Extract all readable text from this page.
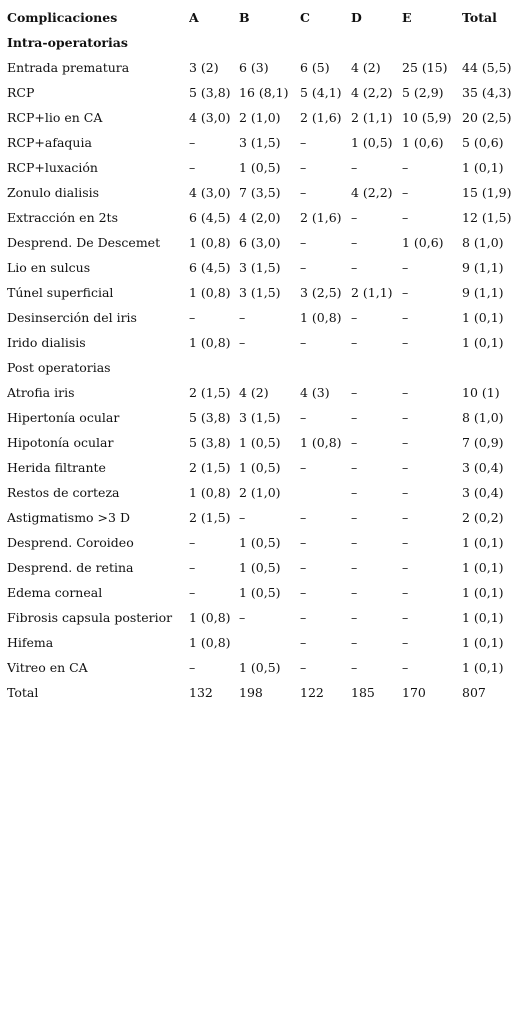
Complicaciones	A	B	C	D	E	Total
Intra-operatorias						
Entrada prematura	3 (2)	6 (3)	6 (5)	4 (2)	25 (15)	44 (5,5)
RCP	5 (3,8)	16 (8,1)	5 (4,1)	4 (2,2)	5 (2,9)	35 (4,3)
RCP+lio en CA	4 (3,0)	2 (1,0)	2 (1,6)	2 (1,1)	10 (5,9)	20 (2,5)
RCP+afaquia	–	3 (1,5)	–	1 (0,5)	1 (0,6)	5 (0,6)
RCP+luxación	–	1 (0,5)	–	–	–	1 (0,1)
Zonulo dialisis	4 (3,0)	7 (3,5)	–	4 (2,2)	–	15 (1,9)
Extracción en 2ts	6 (4,5)	4 (2,0)	2 (1,6)	–	–	12 (1,5)
Desprend. De Descemet	1 (0,8)	6 (3,0)	–	–	1 (0,6)	8 (1,0)
Lio en sulcus	6 (4,5)	3 (1,5)	–	–	–	9 (1,1)
Túnel superficial	1 (0,8)	3 (1,5)	3 (2,5)	2 (1,1)	–	9 (1,1)
Desinserción del iris	–	–	1 (0,8)	–	–	1 (0,1)
Irido dialisis	1 (0,8)	–	–	–	–	1 (0,1)
Post operatorias						
Atrofia iris	2 (1,5)	4 (2)	4 (3)	–	–	10 (1)
Hipertonía ocular	5 (3,8)	3 (1,5)	–	–	–	8 (1,0)
Hipotonía ocular	5 (3,8)	1 (0,5)	1 (0,8)	–	–	7 (0,9)
Herida filtrante	2 (1,5)	1 (0,5)	–	–	–	3 (0,4)
Restos de corteza	1 (0,8)	2 (1,0)		–	–	3 (0,4)
Astigmatismo >3 D	2 (1,5)	–	–	–	–	2 (0,2)
Desprend. Coroideo	–	1 (0,5)	–	–	–	1 (0,1)
Desprend. de retina	–	1 (0,5)	–	–	–	1 (0,1)
Edema corneal	–	1 (0,5)	–	–	–	1 (0,1)
Fibrosis capsula posterior	1 (0,8)	–	–	–	–	1 (0,1)
Hifema	1 (0,8)		–	–	–	1 (0,1)
Vitreo en CA	–	1 (0,5)	–	–	–	1 (0,1)
Total	132	198	122	185	170	807
